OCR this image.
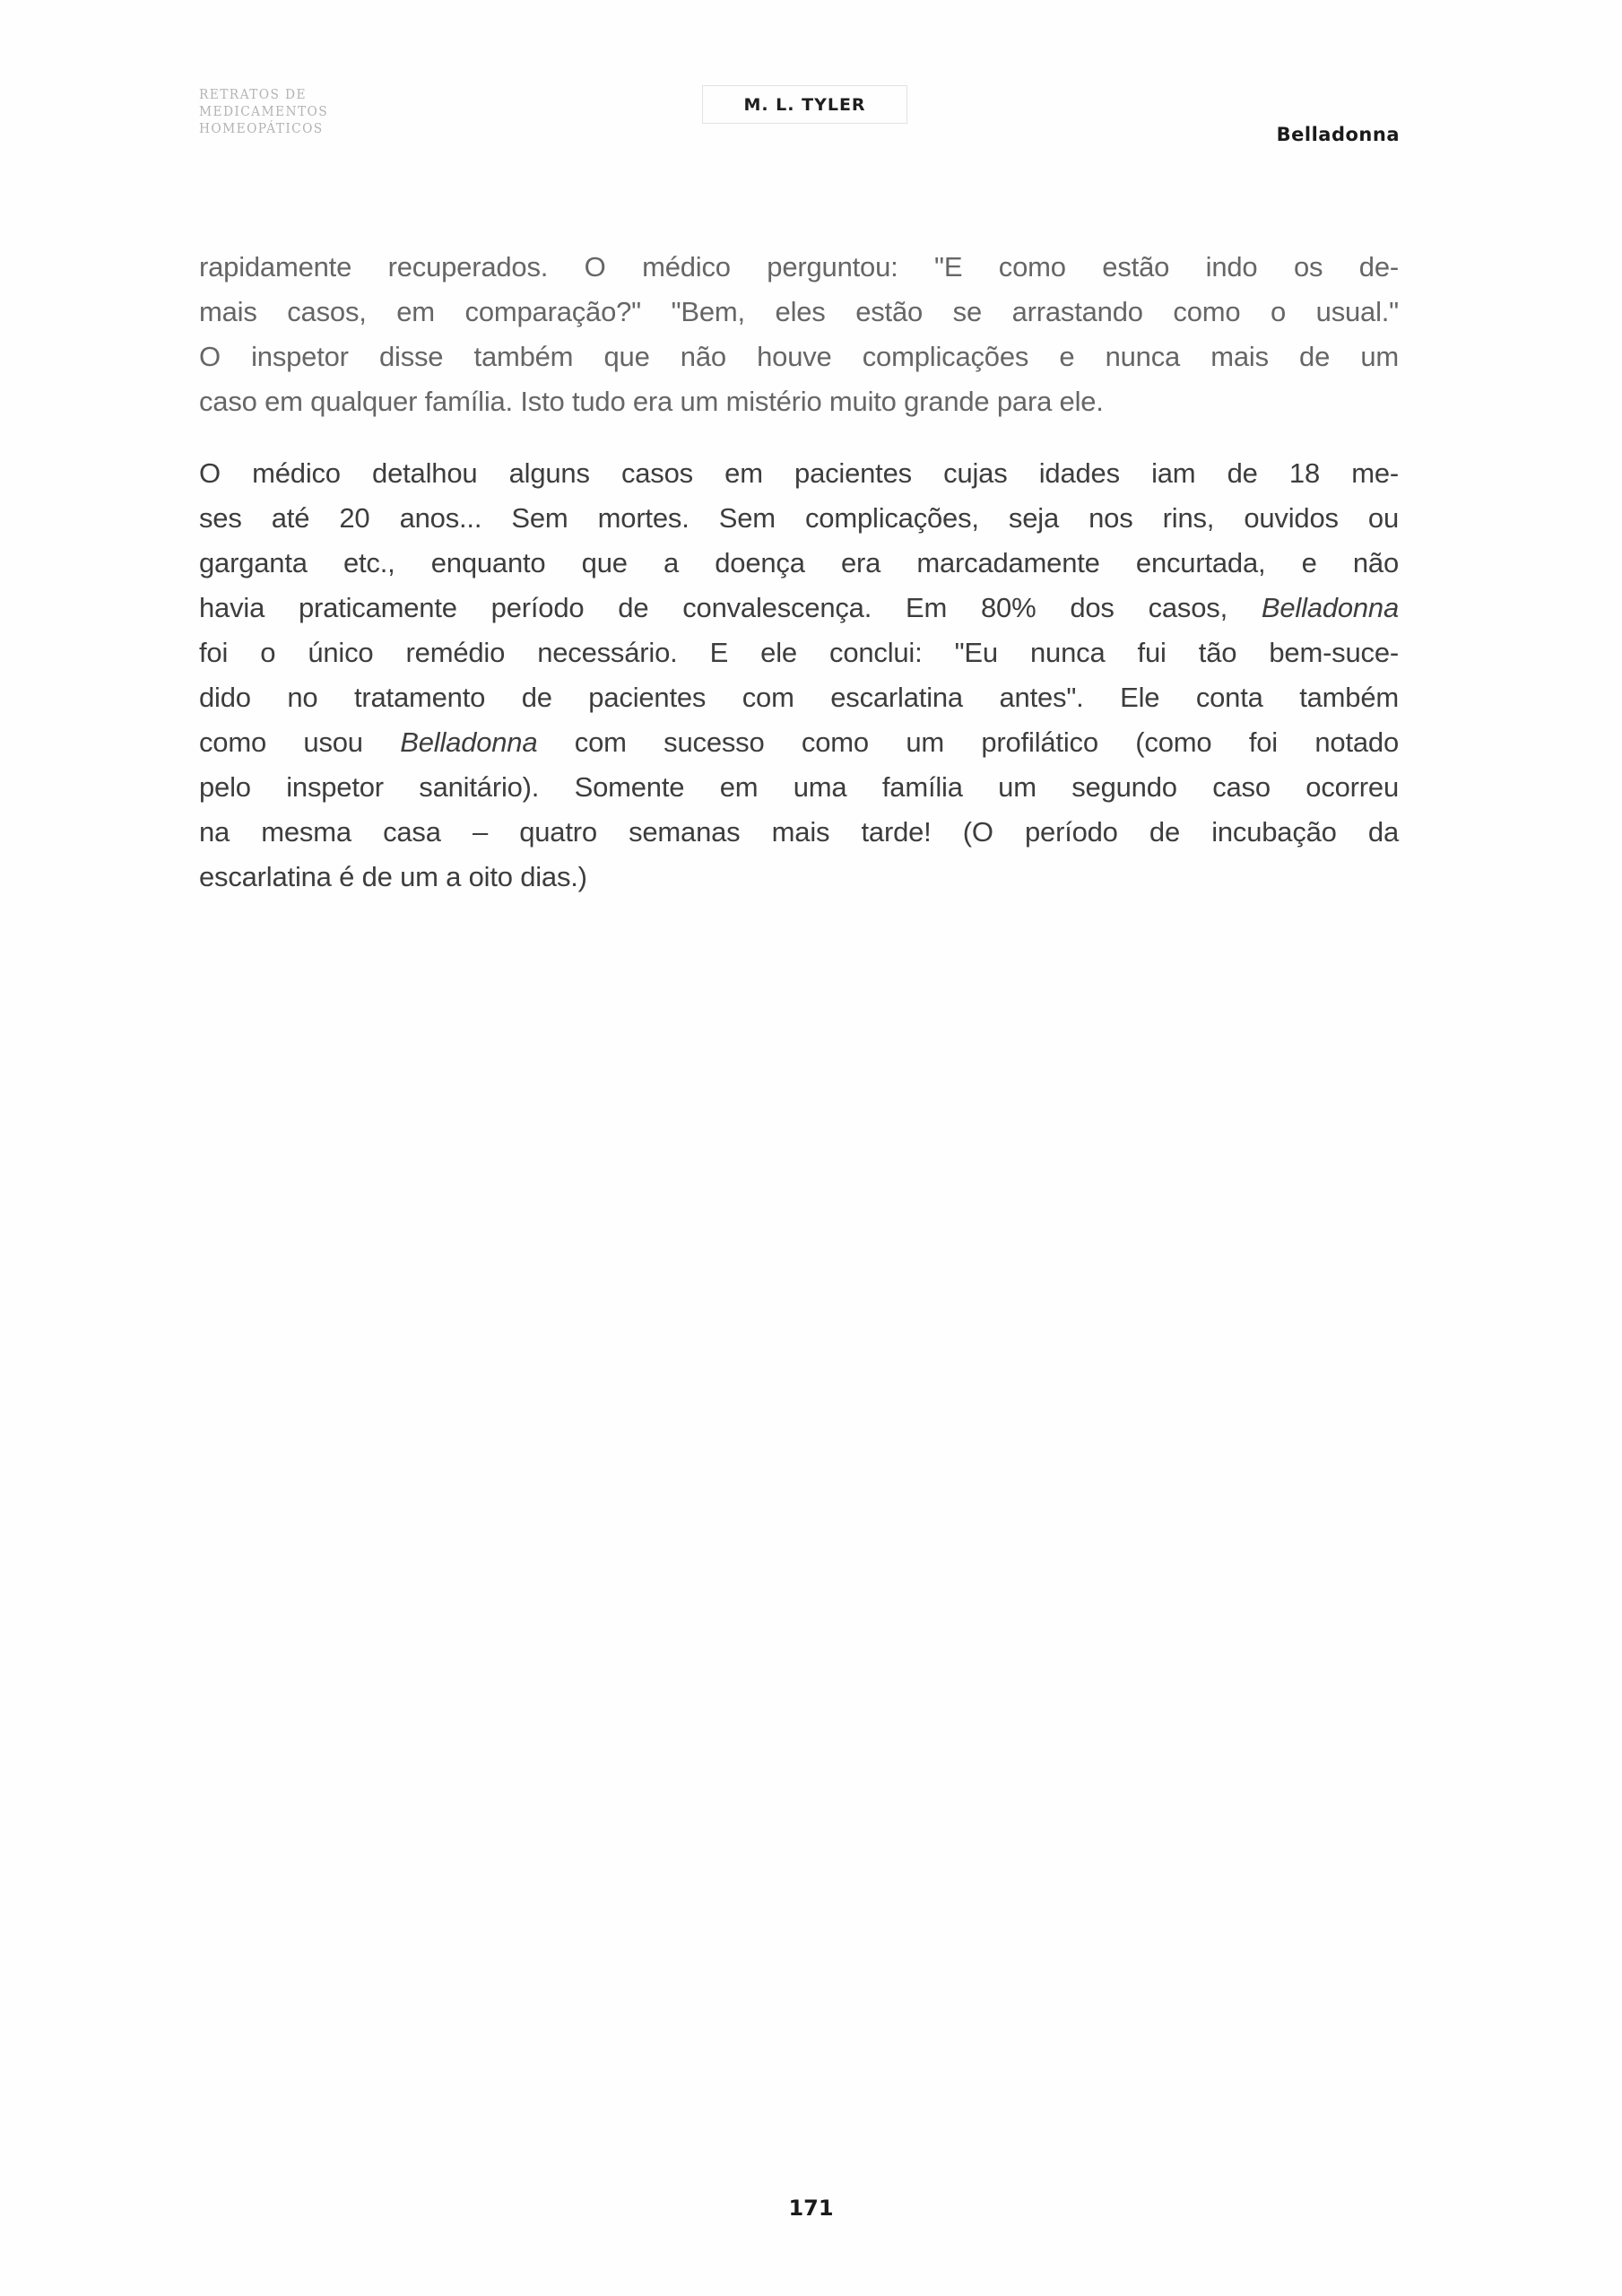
RETRATOS DE
MEDICAMENTOS
HOMEOPÁTICOS
M. L. TYLER
Belladonna

rapidamente recuperados. O médico perguntou: "E como estão indo os de-
mais casos, em comparação?" "Bem, eles estão se arrastando como o usual."
O inspetor disse também que não houve complicações e nunca mais de um
caso em qualquer família. Isto tudo era um mistério muito grande para ele.

O médico detalhou alguns casos em pacientes cujas idades iam de 18 me-
ses até 20 anos... Sem mortes. Sem complicações, seja nos rins, ouvidos ou
garganta etc., enquanto que a doença era marcadamente encurtada, e não
havia praticamente período de convalescença. Em 80% dos casos, Belladonna
foi o único remédio necessário. E ele conclui: "Eu nunca fui tão bem-suce-
dido no tratamento de pacientes com escarlatina antes". Ele conta também
como usou Belladonna com sucesso como um profilático (como foi notado
pelo inspetor sanitário). Somente em uma família um segundo caso ocorreu
na mesma casa – quatro semanas mais tarde! (O período de incubação da
escarlatina é de um a oito dias.)

171
